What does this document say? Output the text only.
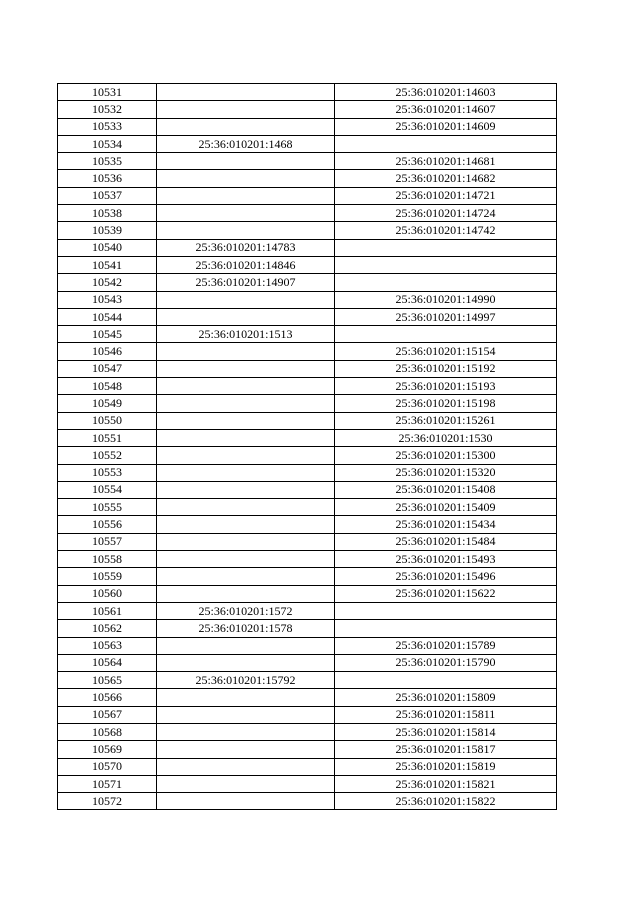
10531		25:36:010201:14603
10532		25:36:010201:14607
10533		25:36:010201:14609
10534	25:36:010201:1468	
10535		25:36:010201:14681
10536		25:36:010201:14682
10537		25:36:010201:14721
10538		25:36:010201:14724
10539		25:36:010201:14742
10540	25:36:010201:14783	
10541	25:36:010201:14846	
10542	25:36:010201:14907	
10543		25:36:010201:14990
10544		25:36:010201:14997
10545	25:36:010201:1513	
10546		25:36:010201:15154
10547		25:36:010201:15192
10548		25:36:010201:15193
10549		25:36:010201:15198
10550		25:36:010201:15261
10551		25:36:010201:1530
10552		25:36:010201:15300
10553		25:36:010201:15320
10554		25:36:010201:15408
10555		25:36:010201:15409
10556		25:36:010201:15434
10557		25:36:010201:15484
10558		25:36:010201:15493
10559		25:36:010201:15496
10560		25:36:010201:15622
10561	25:36:010201:1572	
10562	25:36:010201:1578	
10563		25:36:010201:15789
10564		25:36:010201:15790
10565	25:36:010201:15792	
10566		25:36:010201:15809
10567		25:36:010201:15811
10568		25:36:010201:15814
10569		25:36:010201:15817
10570		25:36:010201:15819
10571		25:36:010201:15821
10572		25:36:010201:15822
